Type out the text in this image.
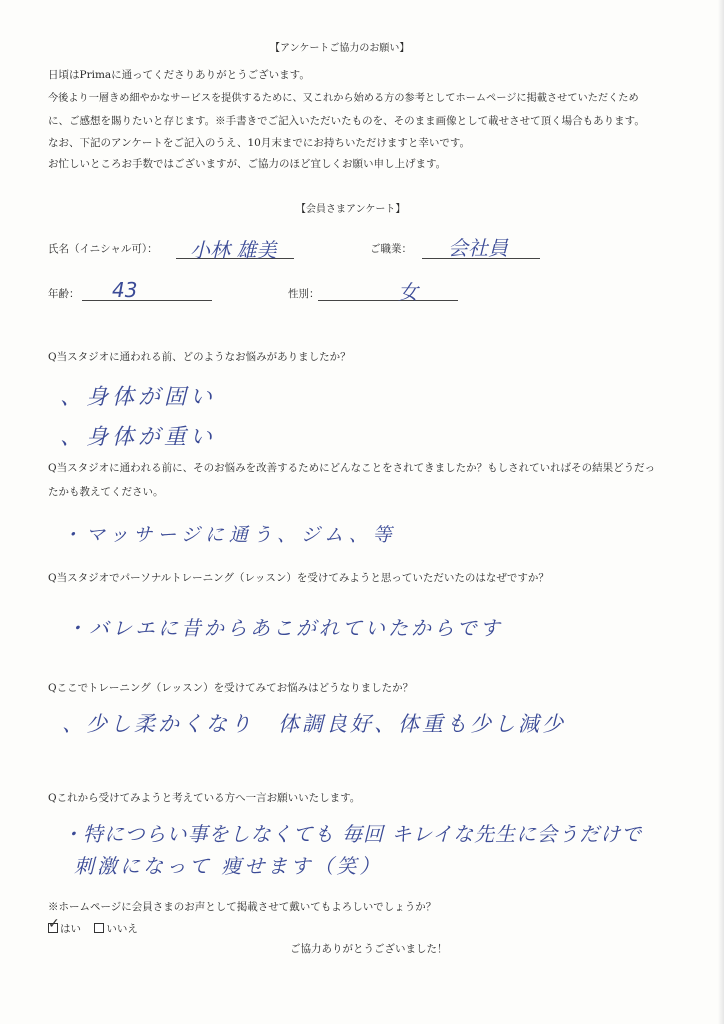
【アンケートご協力のお願い】
日頃はPrimaに通ってくださりありがとうございます。
今後より一層きめ細やかなサービスを提供するために、又これから始める方の参考としてホームページに掲載させていただくため
に、ご感想を賜りたいと存じます。※手書きでご記入いただいたものを、そのまま画像として載せさせて頂く場合もあります。
なお、下記のアンケートをご記入のうえ、10月末までにお持ちいただけますと幸いです。
お忙しいところお手数ではございますが、ご協力のほど宜しくお願い申し上げます。
【会員さまアンケート】
氏名（イニシャル可）： 小林 雄美	ご職業： 会社員
年齢： 43	性別：	女
Q当スタジオに通われる前、どのようなお悩みがありましたか？
、身体が固い
、身体が重い
Q当スタジオに通われる前に、そのお悩みを改善するためにどんなことをされてきましたか？もしされていればその結果どうだっ
たかも教えてください。
・マッサージに通う、ジム、等
Q当スタジオでパーソナルトレーニング（レッスン）を受けてみようと思っていただいたのはなぜですか？
・バレエに昔からあこがれていたからです
Qここでトレーニング（レッスン）を受けてみてお悩みはどうなりましたか？
、少し柔かくなり　体調良好、体重も少し減少
Qこれから受けてみようと考えている方へ一言お願いいたします。
・特につらい事をしなくても 毎回 キレイな先生に会うだけで
刺激になって 痩せます（笑）
※ホームページに会員さまのお声として掲載させて戴いてもよろしいでしょうか？
✓ はい いいえ
ご協力ありがとうございました！
